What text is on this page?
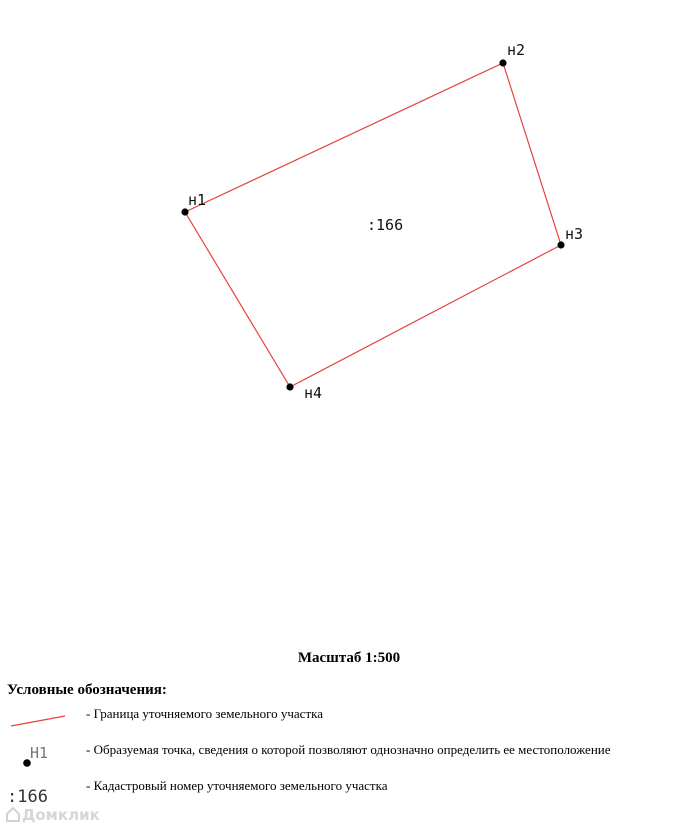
н1
н2
н3
н4
:166
Масштаб 1:500
Условные обозначения:
- Граница уточняемого земельного участка
Н1	- Образуемая точка, сведения о которой позволяют однозначно определить ее местоположение
:166
- Кадастровый номер уточняемого земельного участка
Домклик
